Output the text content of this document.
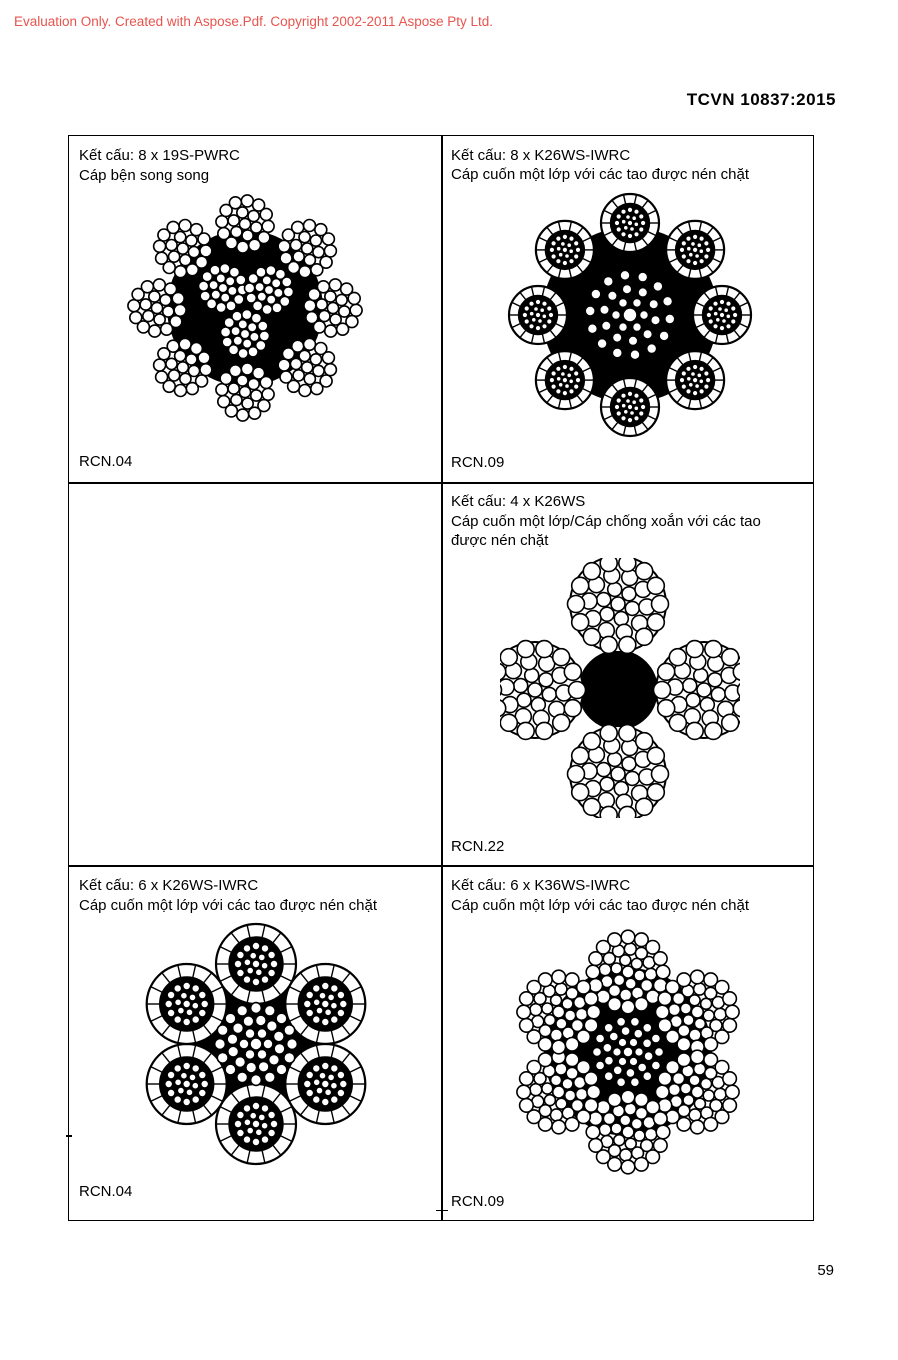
Evaluation Only. Created with Aspose.Pdf. Copyright 2002-2011 Aspose Pty Ltd.
TCVN 10837:2015
Kết cấu: 8 x 19S-PWRC
Cáp bện song song
RCN.04
Kết cấu: 8 x K26WS-IWRC
Cáp cuốn một lớp với các tao được nén chặt
RCN.09
Kết cấu: 4 x K26WS
Cáp cuốn một lớp/Cáp chống xoắn với các tao
được nén chặt
RCN.22
Kết cấu: 6 x K26WS-IWRC
Cáp cuốn một lớp với các tao được nén chặt
RCN.04
Kết cấu: 6 x K36WS-IWRC
Cáp cuốn một lớp với các tao được nén chặt
RCN.09
59
